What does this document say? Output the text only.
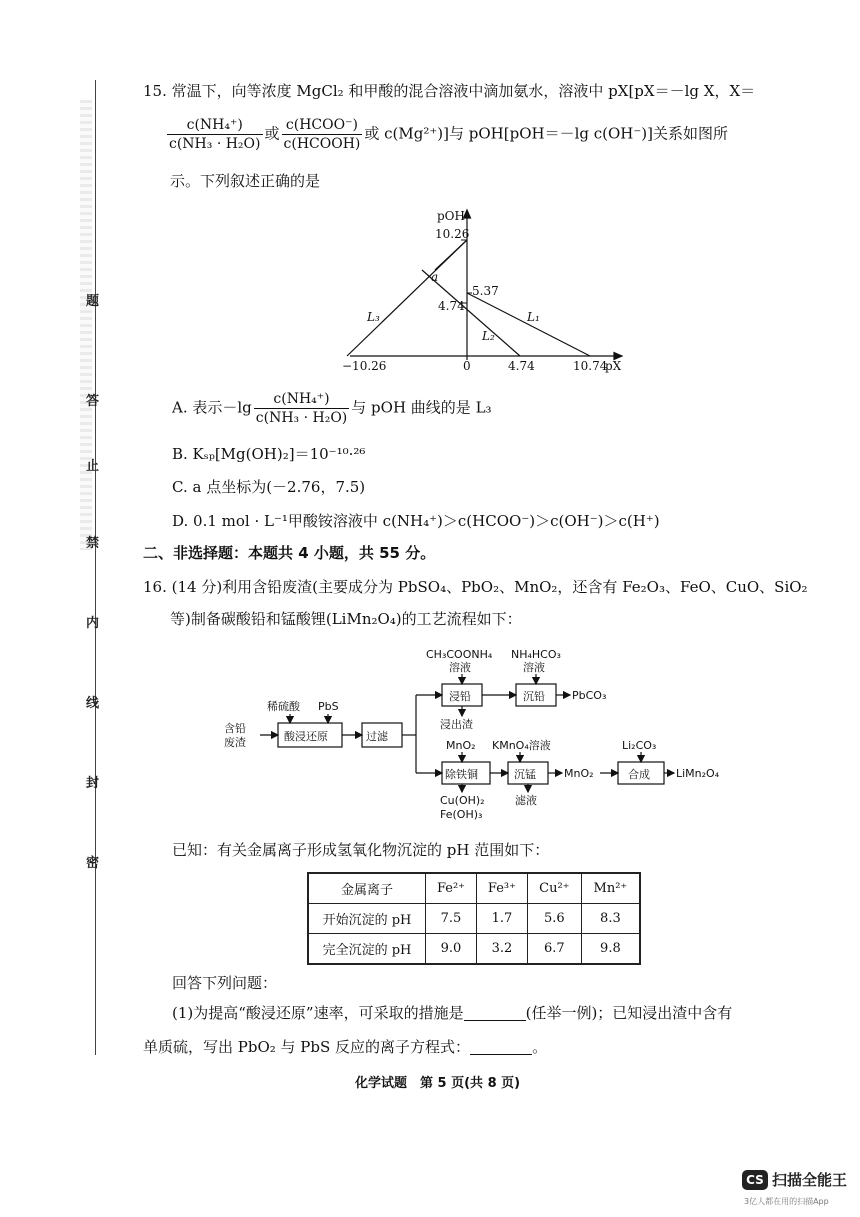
题
答
止
禁
内
线
封
密
15. 常温下，向等浓度 MgCl₂ 和甲酸的混合溶液中滴加氨水，溶液中 pX[pX＝－lg X，X＝
$\frac{\text{c(NH₄⁺)}}{\text{c(NH₃ · H₂O)}}$ 或 $\frac{\text{c(HCOO⁻)}}{\text{c(HCOOH)}}$ 或 c(Mg²⁺)]与 pOH[pOH＝－lg c(OH⁻)]关系如图所
示。下列叙述正确的是
pOH
10.26
5.37
4.74
−10.26	0	4.74	10.74
pX
a
L₃
L₂
L₁
A. 表示$-\lg \frac{\text{c(NH₄⁺)}}{\text{c(NH₃ · H₂O)}}$ 与 pOH 曲线的是 L₃
B. Kₛₚ[Mg(OH)₂]＝10⁻¹⁰·²⁶
C. a 点坐标为(－2.76，7.5)
D. 0.1 mol · L⁻¹甲酸铵溶液中 c(NH₄⁺)＞c(HCOO⁻)＞c(OH⁻)＞c(H⁺)
二、非选择题：本题共 4 小题，共 55 分。
16. (14 分)利用含铅废渣(主要成分为 PbSO₄、PbO₂、MnO₂，还含有 Fe₂O₃、FeO、CuO、SiO₂
等)制备碳酸铅和锰酸锂(LiMn₂O₄)的工艺流程如下：
含铅
废渣
稀硫酸 PbS
酸浸还原	过滤
CH₃COONH₄
溶液
NH₄HCO₃
溶液
浸铅	沉铅 PbCO₃
浸出渣
MnO₂ KMnO₄溶液
除铁铜	沉锰	MnO₂
Li₂CO₃
合成 LiMn₂O₄
Cu(OH)₂
Fe(OH)₃
滤液
已知：有关金属离子形成氢氧化物沉淀的 pH 范围如下：
金属离子	Fe²⁺	Fe³⁺	Cu²⁺	Mn²⁺
开始沉淀的 pH	7.5	1.7	5.6	8.3
完全沉淀的 pH	9.0	3.2	6.7	9.8
回答下列问题：
(1)为提高“酸浸还原”速率，可采取的措施是	(任举一例)；已知浸出渣中含有
单质硫，写出 PbO₂ 与 PbS 反应的离子方程式：	。
化学试题　第 5 页(共 8 页)
CS 扫描全能王
3亿人都在用的扫描App
